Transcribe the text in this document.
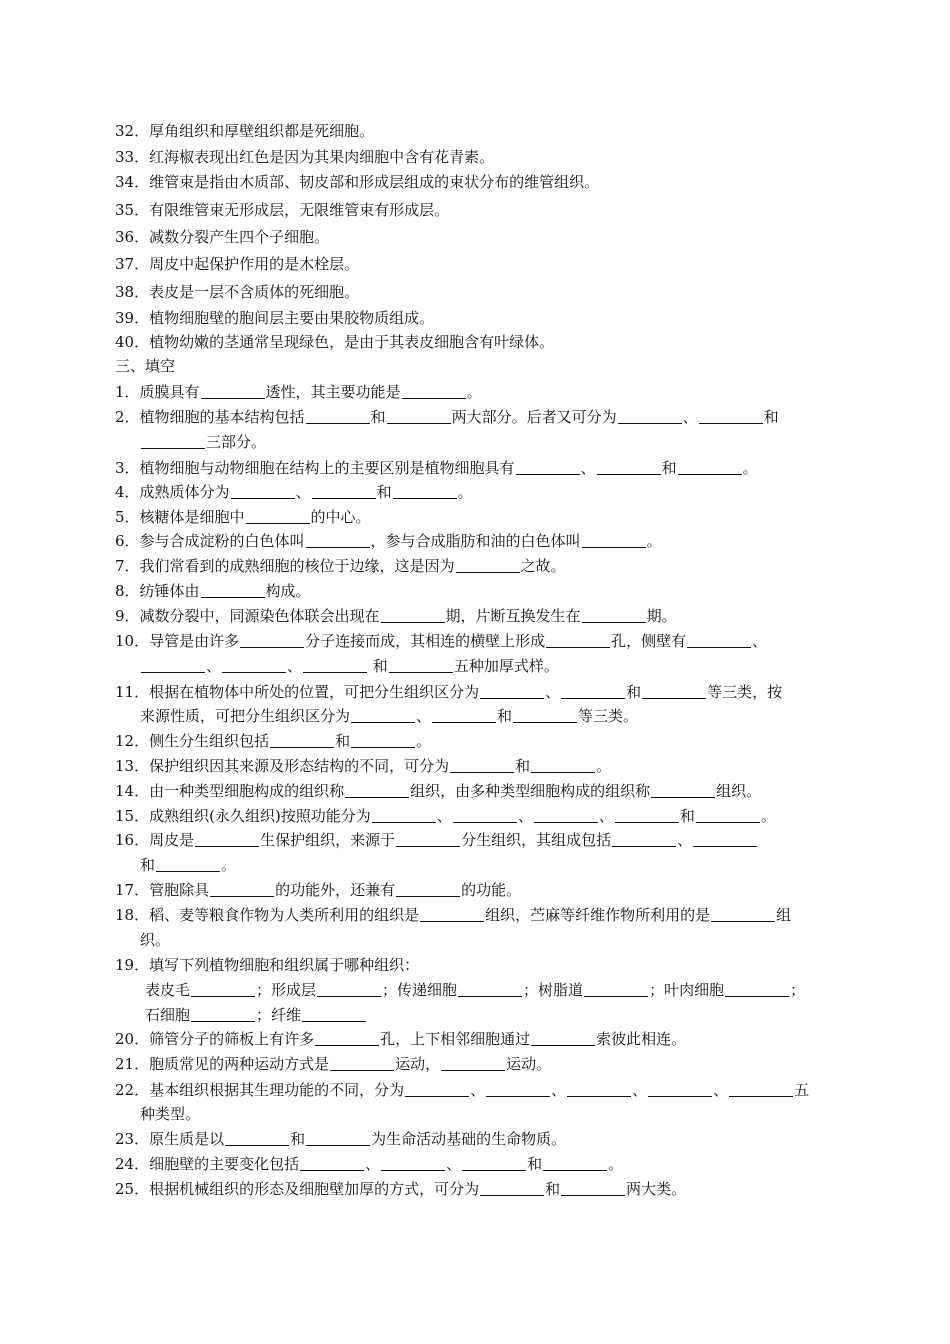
32．厚角组织和厚壁组织都是死细胞。
33．红海椒表现出红色是因为其果肉细胞中含有花青素。
34．维管束是指由木质部、韧皮部和形成层组成的束状分布的维管组织。
35．有限维管束无形成层，无限维管束有形成层。
36．减数分裂产生四个子细胞。
37．周皮中起保护作用的是木栓层。
38．表皮是一层不含质体的死细胞。
39．植物细胞壁的胞间层主要由果胶物质组成。
40．植物幼嫩的茎通常呈现绿色，是由于其表皮细胞含有叶绿体。
三、填空
1．质膜具有	透性，其主要功能是	。
2．植物细胞的基本结构包括	和	两大部分。后者又可分为	、	和
三部分。
3．植物细胞与动物细胞在结构上的主要区别是植物细胞具有	、	和	。
4．成熟质体分为	、	和	。
5．核糖体是细胞中	的中心。
6．参与合成淀粉的白色体叫	，参与合成脂肪和油的白色体叫	。
7．我们常看到的成熟细胞的核位于边缘，这是因为	之故。
8．纺锤体由	构成。
9．减数分裂中，同源染色体联会出现在	期，片断互换发生在	期。
10．导管是由许多	分子连接而成，其相连的横壁上形成	孔，侧壁有	、
、	、	和	五种加厚式样。
11．根据在植物体中所处的位置，可把分生组织区分为	、	和	等三类，按
来源性质，可把分生组织区分为	、	和	等三类。
12．侧生分生组织包括	和	。
13．保护组织因其来源及形态结构的不同，可分为	和	。
14．由一种类型细胞构成的组织称	组织，由多种类型细胞构成的组织称	组织。
15．成熟组织(永久组织)按照功能分为	、	、	、	和	。
16．周皮是	生保护组织，来源于	分生组织，其组成包括	、
和	。
17．管胞除具	的功能外，还兼有	的功能。
18．稻、麦等粮食作物为人类所利用的组织是	组织，苎麻等纤维作物所利用的是	组
织。
19．填写下列植物细胞和组织属于哪种组织：
表皮毛	；形成层	；传递细胞	；树脂道	；叶肉细胞	；
石细胞	；纤维
20．筛管分子的筛板上有许多	孔，上下相邻细胞通过	索彼此相连。
21．胞质常见的两种运动方式是	运动，	运动。
22．基本组织根据其生理功能的不同，分为	、	、	、	、	五
种类型。
23．原生质是以	和	为生命活动基础的生命物质。
24．细胞壁的主要变化包括	、	、	和	。
25．根据机械组织的形态及细胞壁加厚的方式，可分为	和	两大类。
